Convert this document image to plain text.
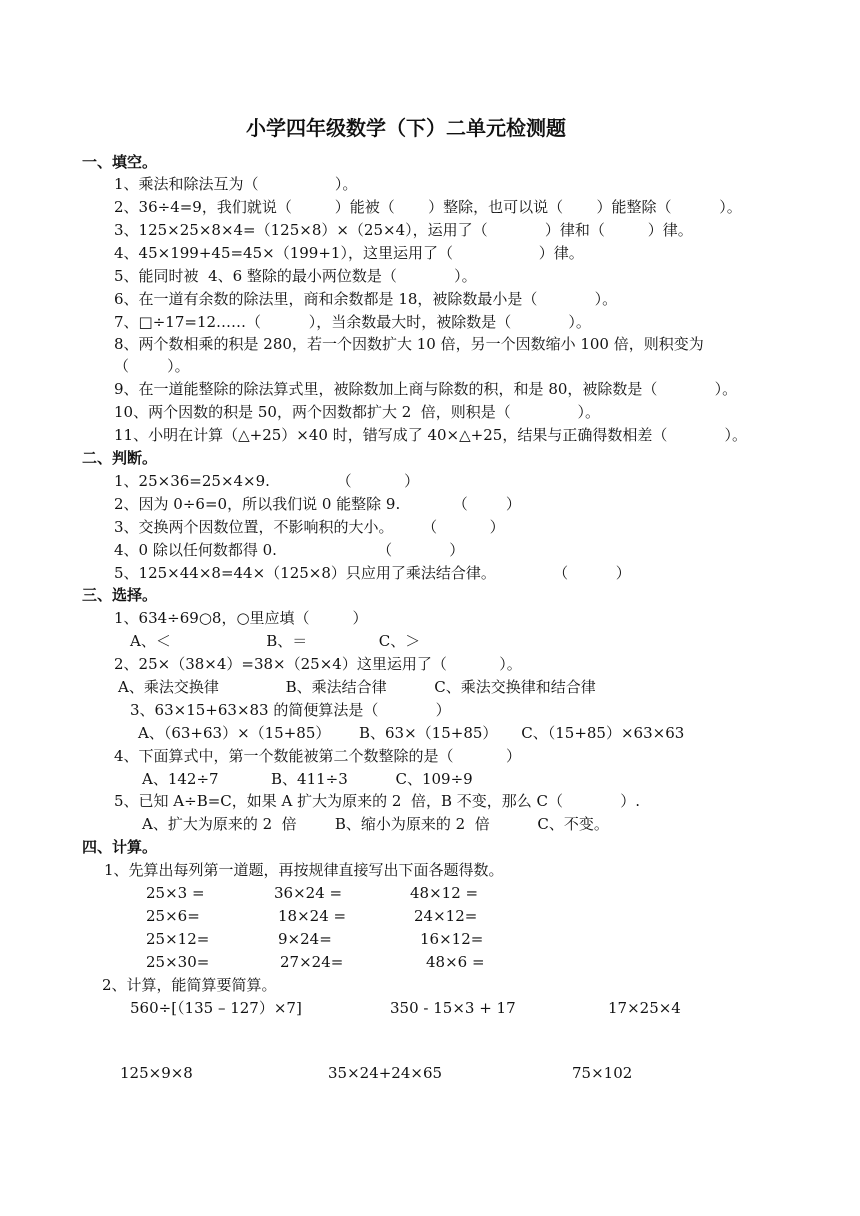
小学四年级数学（下）二单元检测题
一、填空。
1、乘法和除法互为（                ）。
2、36÷4=9，我们就说（         ）能被（       ）整除，也可以说（       ）能整除（          ）。
3、125×25×8×4=（125×8）×（25×4），运用了（            ）律和（         ）律。
4、45×199+45=45×（199+1），这里运用了（                  ）律。
5、能同时被  4、6 整除的最小两位数是（            ）。
6、在一道有余数的除法里，商和余数都是 18，被除数最小是（            ）。
7、□÷17=12……（          ），当余数最大时，被除数是（            ）。
8、两个数相乘的积是 280，若一个因数扩大 10 倍，另一个因数缩小 100 倍，则积变为
（        ）。
9、在一道能整除的除法算式里，被除数加上商与除数的积，和是 80，被除数是（            ）。
10、两个因数的积是 50，两个因数都扩大 2  倍，则积是（              ）。
11、小明在计算（△+25）×40 时，错写成了 40×△+25，结果与正确得数相差（            ）。
二、判断。
1、25×36=25×4×9.              （           ）
2、因为 0÷6=0，所以我们说 0 能整除 9.           （        ）
3、交换两个因数位置，不影响积的大小。      （           ）
4、0 除以任何数都得 0.                     （            ）
5、125×44×8=44×（125×8）只应用了乘法结合律。            （          ）
三、选择。
1、634÷69○8，○里应填（         ）
A、＜                    B、＝               C、＞
2、25×（38×4）=38×（25×4）这里运用了（           ）。
A、乘法交换律              B、乘法结合律          C、乘法交换律和结合律
3、63×15+63×83 的简便算法是（            ）
A、（63+63）×（15+85）      B、63×（15+85）     C、（15+85）×63×63
4、下面算式中，第一个数能被第二个数整除的是（           ）
A、142÷7           B、411÷3          C、109÷9
5、已知 A÷B=C，如果 A 扩大为原来的 2  倍，B 不变，那么 C（            ）.
A、扩大为原来的 2  倍        B、缩小为原来的 2  倍          C、不变。
四、计算。
1、先算出每列第一道题，再按规律直接写出下面各题得数。
25×3 =	36×24 =	48×12 =
25×6=	18×24 =	24×12=
25×12=	9×24=	16×12=
25×30=	27×24=	48×6 =
2、计算，能简算要简算。
560÷[（135 – 127）×7]	350 - 15×3 + 17	17×25×4
125×9×8	35×24+24×65	75×102
